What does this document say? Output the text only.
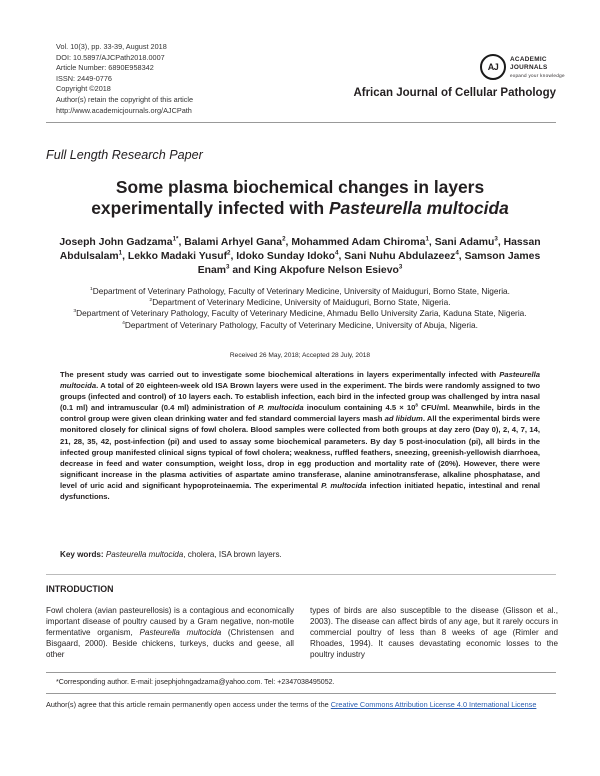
Vol. 10(3), pp. 33-39, August 2018
DOI: 10.5897/AJCPath2018.0007
Article Number: 6890E958342
ISSN: 2449-0776
Copyright ©2018
Author(s) retain the copyright of this article
http://www.academicjournals.org/AJCPath
AJ
ACADEMIC
JOURNALS
expand your knowledge
African Journal of Cellular Pathology
Full Length Research Paper
Some plasma biochemical changes in layers
experimentally infected with Pasteurella multocida
Joseph John Gadzama$^{1*}$, Balami Arhyel Gana$^2$, Mohammed Adam Chiroma$^1$, Sani Adamu$^3$, Hassan Abdulsalam$^1$, Lekko Madaki Yusuf$^2$, Idoko Sunday Idoko$^4$, Sani Nuhu Abdulazeez$^4$, Samson James Enam$^3$ and King Akpofure Nelson Esievo$^3$
$^1$Department of Veterinary Pathology, Faculty of Veterinary Medicine, University of Maiduguri, Borno State, Nigeria.
$^2$Department of Veterinary Medicine, University of Maiduguri, Borno State, Nigeria.
$^3$Department of Veterinary Pathology, Faculty of Veterinary Medicine, Ahmadu Bello University Zaria, Kaduna State, Nigeria.
$^4$Department of Veterinary Pathology, Faculty of Veterinary Medicine, University of Abuja, Nigeria.
Received 26 May, 2018; Accepted 28 July, 2018
The present study was carried out to investigate some biochemical alterations in layers experimentally infected with Pasteurella multocida. A total of 20 eighteen-week old ISA Brown layers were used in the experiment. The birds were randomly assigned to two groups (infected and control) of 10 layers each. To establish infection, each bird in the infected group was challenged by intra nasal (0.1 ml) and intramuscular (0.4 ml) administration of P. multocida inoculum containing $4.5 \times 10^8$ CFU/ml. Meanwhile, birds in the control group were given clean drinking water and fed standard commercial layers mash ad libidum. All the experimental birds were monitored closely for clinical signs of fowl cholera. Blood samples were collected from both groups at day zero (Day 0), 2, 4, 7, 14, 21, 28, 35, 42, post-infection (pi) and used to assay some biochemical parameters. By day 5 post-inoculation (pi), all birds in the infected group manifested clinical signs typical of fowl cholera; weakness, ruffled feathers, sneezing, greenish-yellowish diarrhoea, decrease in feed and water consumption, weight loss, drop in egg production and mortality rate of (20%). However, there were significant increase in the plasma activities of aspartate amino transferase, alanine aminotransferase, alkaline phosphatase, and level of uric acid and significant hypoproteinaemia. The experimental P. multocida infection initiated hepatic, intestinal and renal dysfunctions.
Key words: Pasteurella multocida, cholera, ISA brown layers.
INTRODUCTION
Fowl cholera (avian pasteurellosis) is a contagious and economically important disease of poultry caused by a Gram negative, non-motile fermentative organism, Pasteurella multocida (Christensen and Bisgaard, 2000). Beside chickens, turkeys, ducks and geese, all other
types of birds are also susceptible to the disease (Glisson et al., 2003). The disease can affect birds of any age, but it rarely occurs in commercial poultry of less than 8 weeks of age (Rimler and Rhoades, 1994). It causes devastating economic losses to the poultry industry
*Corresponding author. E-mail: josephjohngadzama@yahoo.com. Tel: +2347038495052.
Author(s) agree that this article remain permanently open access under the terms of the Creative Commons Attribution License 4.0 International License
